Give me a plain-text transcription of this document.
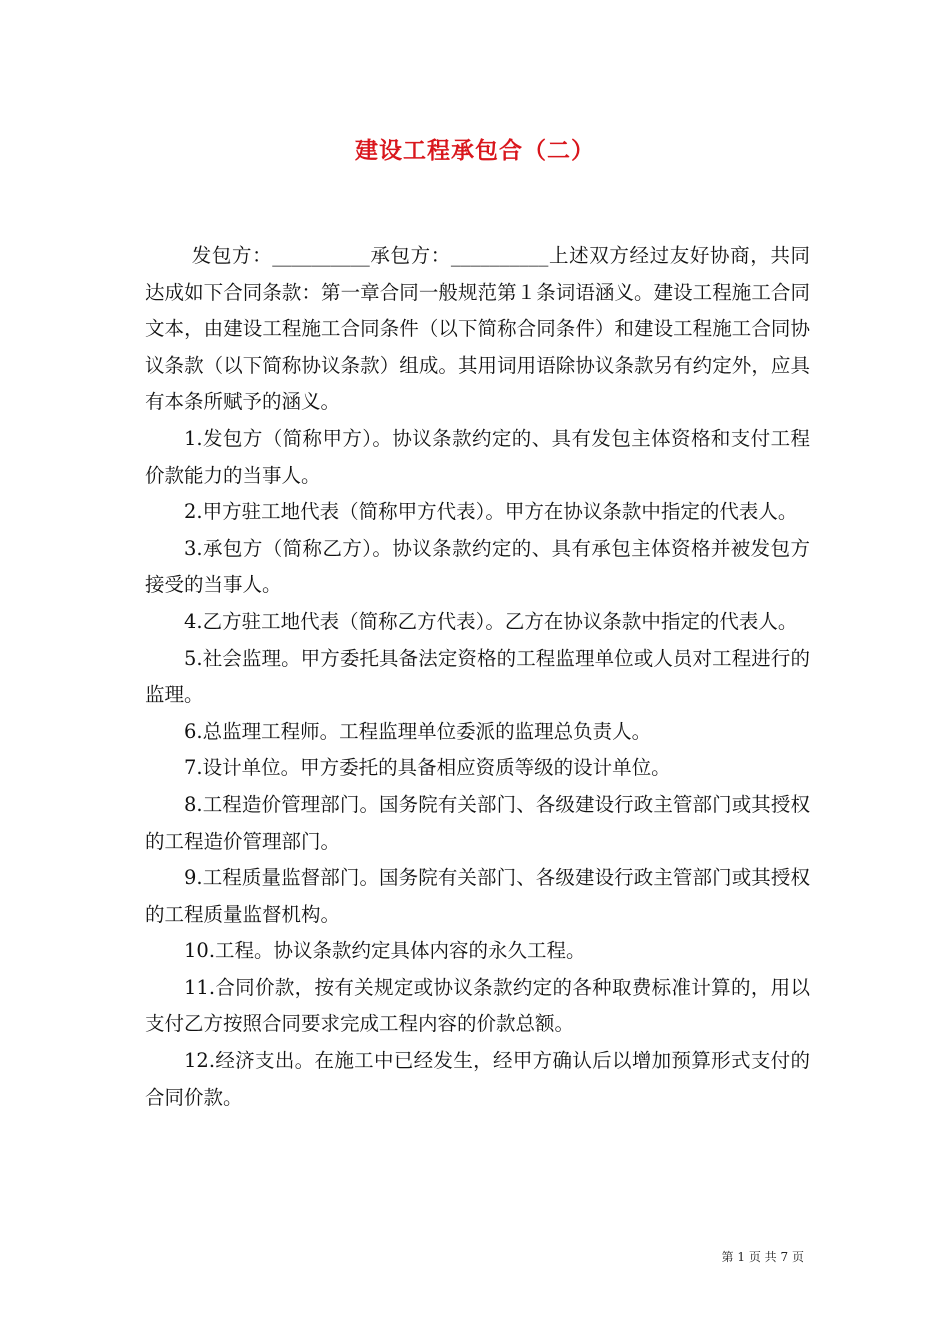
建设工程承包合（二）

发包方：__________承包方：__________上述双方经过友好协商，共同达成如下合同条款：第一章合同一般规范第１条词语涵义。建设工程施工合同文本，由建设工程施工合同条件（以下简称合同条件）和建设工程施工合同协议条款（以下简称协议条款）组成。其用词用语除协议条款另有约定外，应具有本条所赋予的涵义。

1.发包方（简称甲方）。协议条款约定的、具有发包主体资格和支付工程价款能力的当事人。

2.甲方驻工地代表（简称甲方代表）。甲方在协议条款中指定的代表人。

3.承包方（简称乙方）。协议条款约定的、具有承包主体资格并被发包方接受的当事人。

4.乙方驻工地代表（简称乙方代表）。乙方在协议条款中指定的代表人。

5.社会监理。甲方委托具备法定资格的工程监理单位或人员对工程进行的监理。

6.总监理工程师。工程监理单位委派的监理总负责人。

7.设计单位。甲方委托的具备相应资质等级的设计单位。

8.工程造价管理部门。国务院有关部门、各级建设行政主管部门或其授权的工程造价管理部门。

9.工程质量监督部门。国务院有关部门、各级建设行政主管部门或其授权的工程质量监督机构。

10.工程。协议条款约定具体内容的永久工程。

11.合同价款，按有关规定或协议条款约定的各种取费标准计算的，用以支付乙方按照合同要求完成工程内容的价款总额。

12.经济支出。在施工中已经发生，经甲方确认后以增加预算形式支付的合同价款。

第 1 页 共 7 页
